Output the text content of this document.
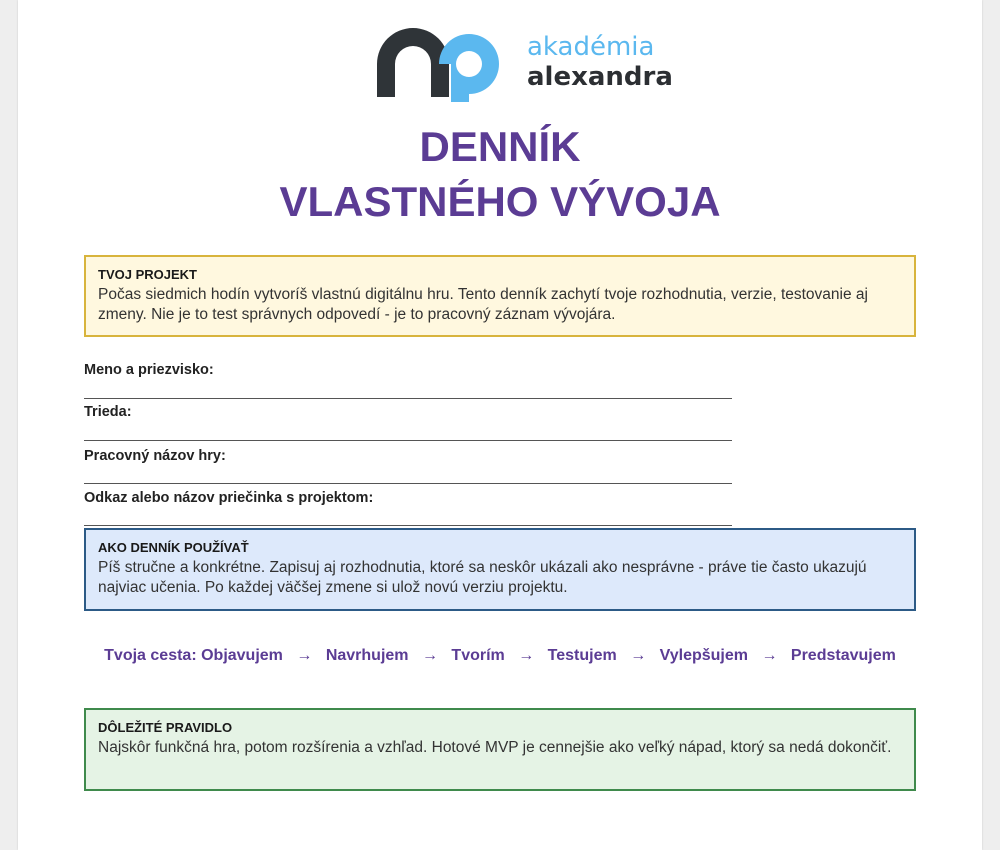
akadémia
alexandra
DENNÍK
VLASTNÉHO VÝVOJA
TVOJ PROJEKT
Počas siedmich hodín vytvoríš vlastnú digitálnu hru. Tento denník zachytí tvoje rozhodnutia, verzie, testovanie aj zmeny. Nie je to test správnych odpovedí - je to pracovný záznam vývojára.
Meno a priezvisko:
Trieda:
Pracovný názov hry:
Odkaz alebo názov priečinka s projektom:
AKO DENNÍK POUŽÍVAŤ
Píš stručne a konkrétne. Zapisuj aj rozhodnutia, ktoré sa neskôr ukázali ako nesprávne - práve tie často ukazujú najviac učenia. Po každej väčšej zmene si ulož novú verziu projektu.
Tvoja cesta: Objavujem → Navrhujem → Tvorím → Testujem → Vylepšujem → Predstavujem
DÔLEŽITÉ PRAVIDLO
Najskôr funkčná hra, potom rozšírenia a vzhľad. Hotové MVP je cennejšie ako veľký nápad, ktorý sa nedá dokončiť.
